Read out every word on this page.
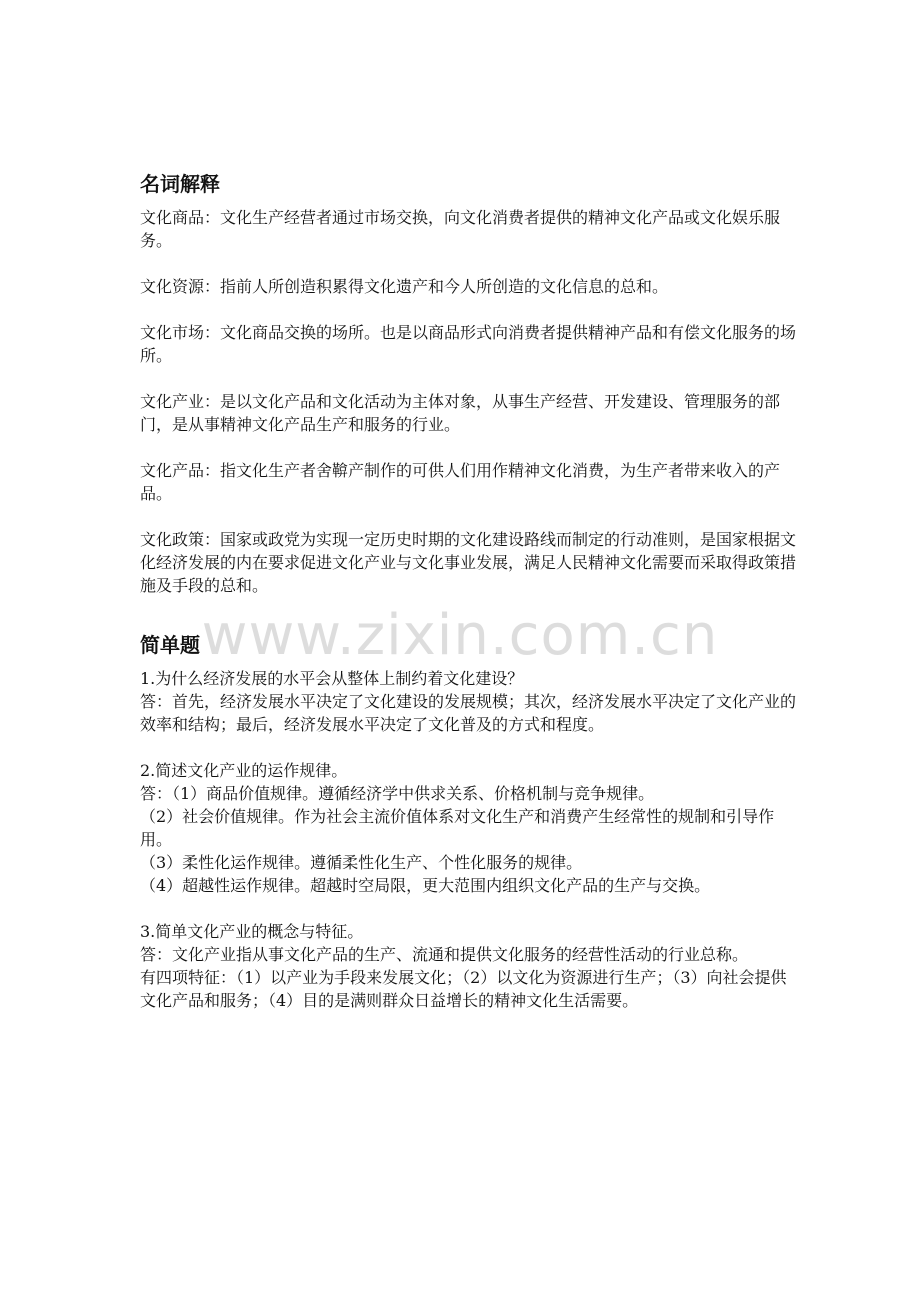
名词解释

文化商品：文化生产经营者通过市场交换，向文化消费者提供的精神文化产品或文化娱乐服务。

文化资源：指前人所创造积累得文化遗产和今人所创造的文化信息的总和。

文化市场：文化商品交换的场所。也是以商品形式向消费者提供精神产品和有偿文化服务的场所。

文化产业：是以文化产品和文化活动为主体对象，从事生产经营、开发建设、管理服务的部门，是从事精神文化产品生产和服务的行业。

文化产品：指文化生产者舍鞥产制作的可供人们用作精神文化消费，为生产者带来收入的产品。

文化政策：国家或政党为实现一定历史时期的文化建设路线而制定的行动准则，是国家根据文化经济发展的内在要求促进文化产业与文化事业发展，满足人民精神文化需要而采取得政策措施及手段的总和。

简单题

1.为什么经济发展的水平会从整体上制约着文化建设？

答：首先，经济发展水平决定了文化建设的发展规模；其次，经济发展水平决定了文化产业的效率和结构；最后，经济发展水平决定了文化普及的方式和程度。

2.简述文化产业的运作规律。

答：（1）商品价值规律。遵循经济学中供求关系、价格机制与竞争规律。

（2）社会价值规律。作为社会主流价值体系对文化生产和消费产生经常性的规制和引导作用。

（3）柔性化运作规律。遵循柔性化生产、个性化服务的规律。

（4）超越性运作规律。超越时空局限，更大范围内组织文化产品的生产与交换。

3.简单文化产业的概念与特征。

答：文化产业指从事文化产品的生产、流通和提供文化服务的经营性活动的行业总称。

有四项特征：（1）以产业为手段来发展文化；（2）以文化为资源进行生产；（3）向社会提供文化产品和服务；（4）目的是满则群众日益增长的精神文化生活需要。

www.zixin.com.cn
